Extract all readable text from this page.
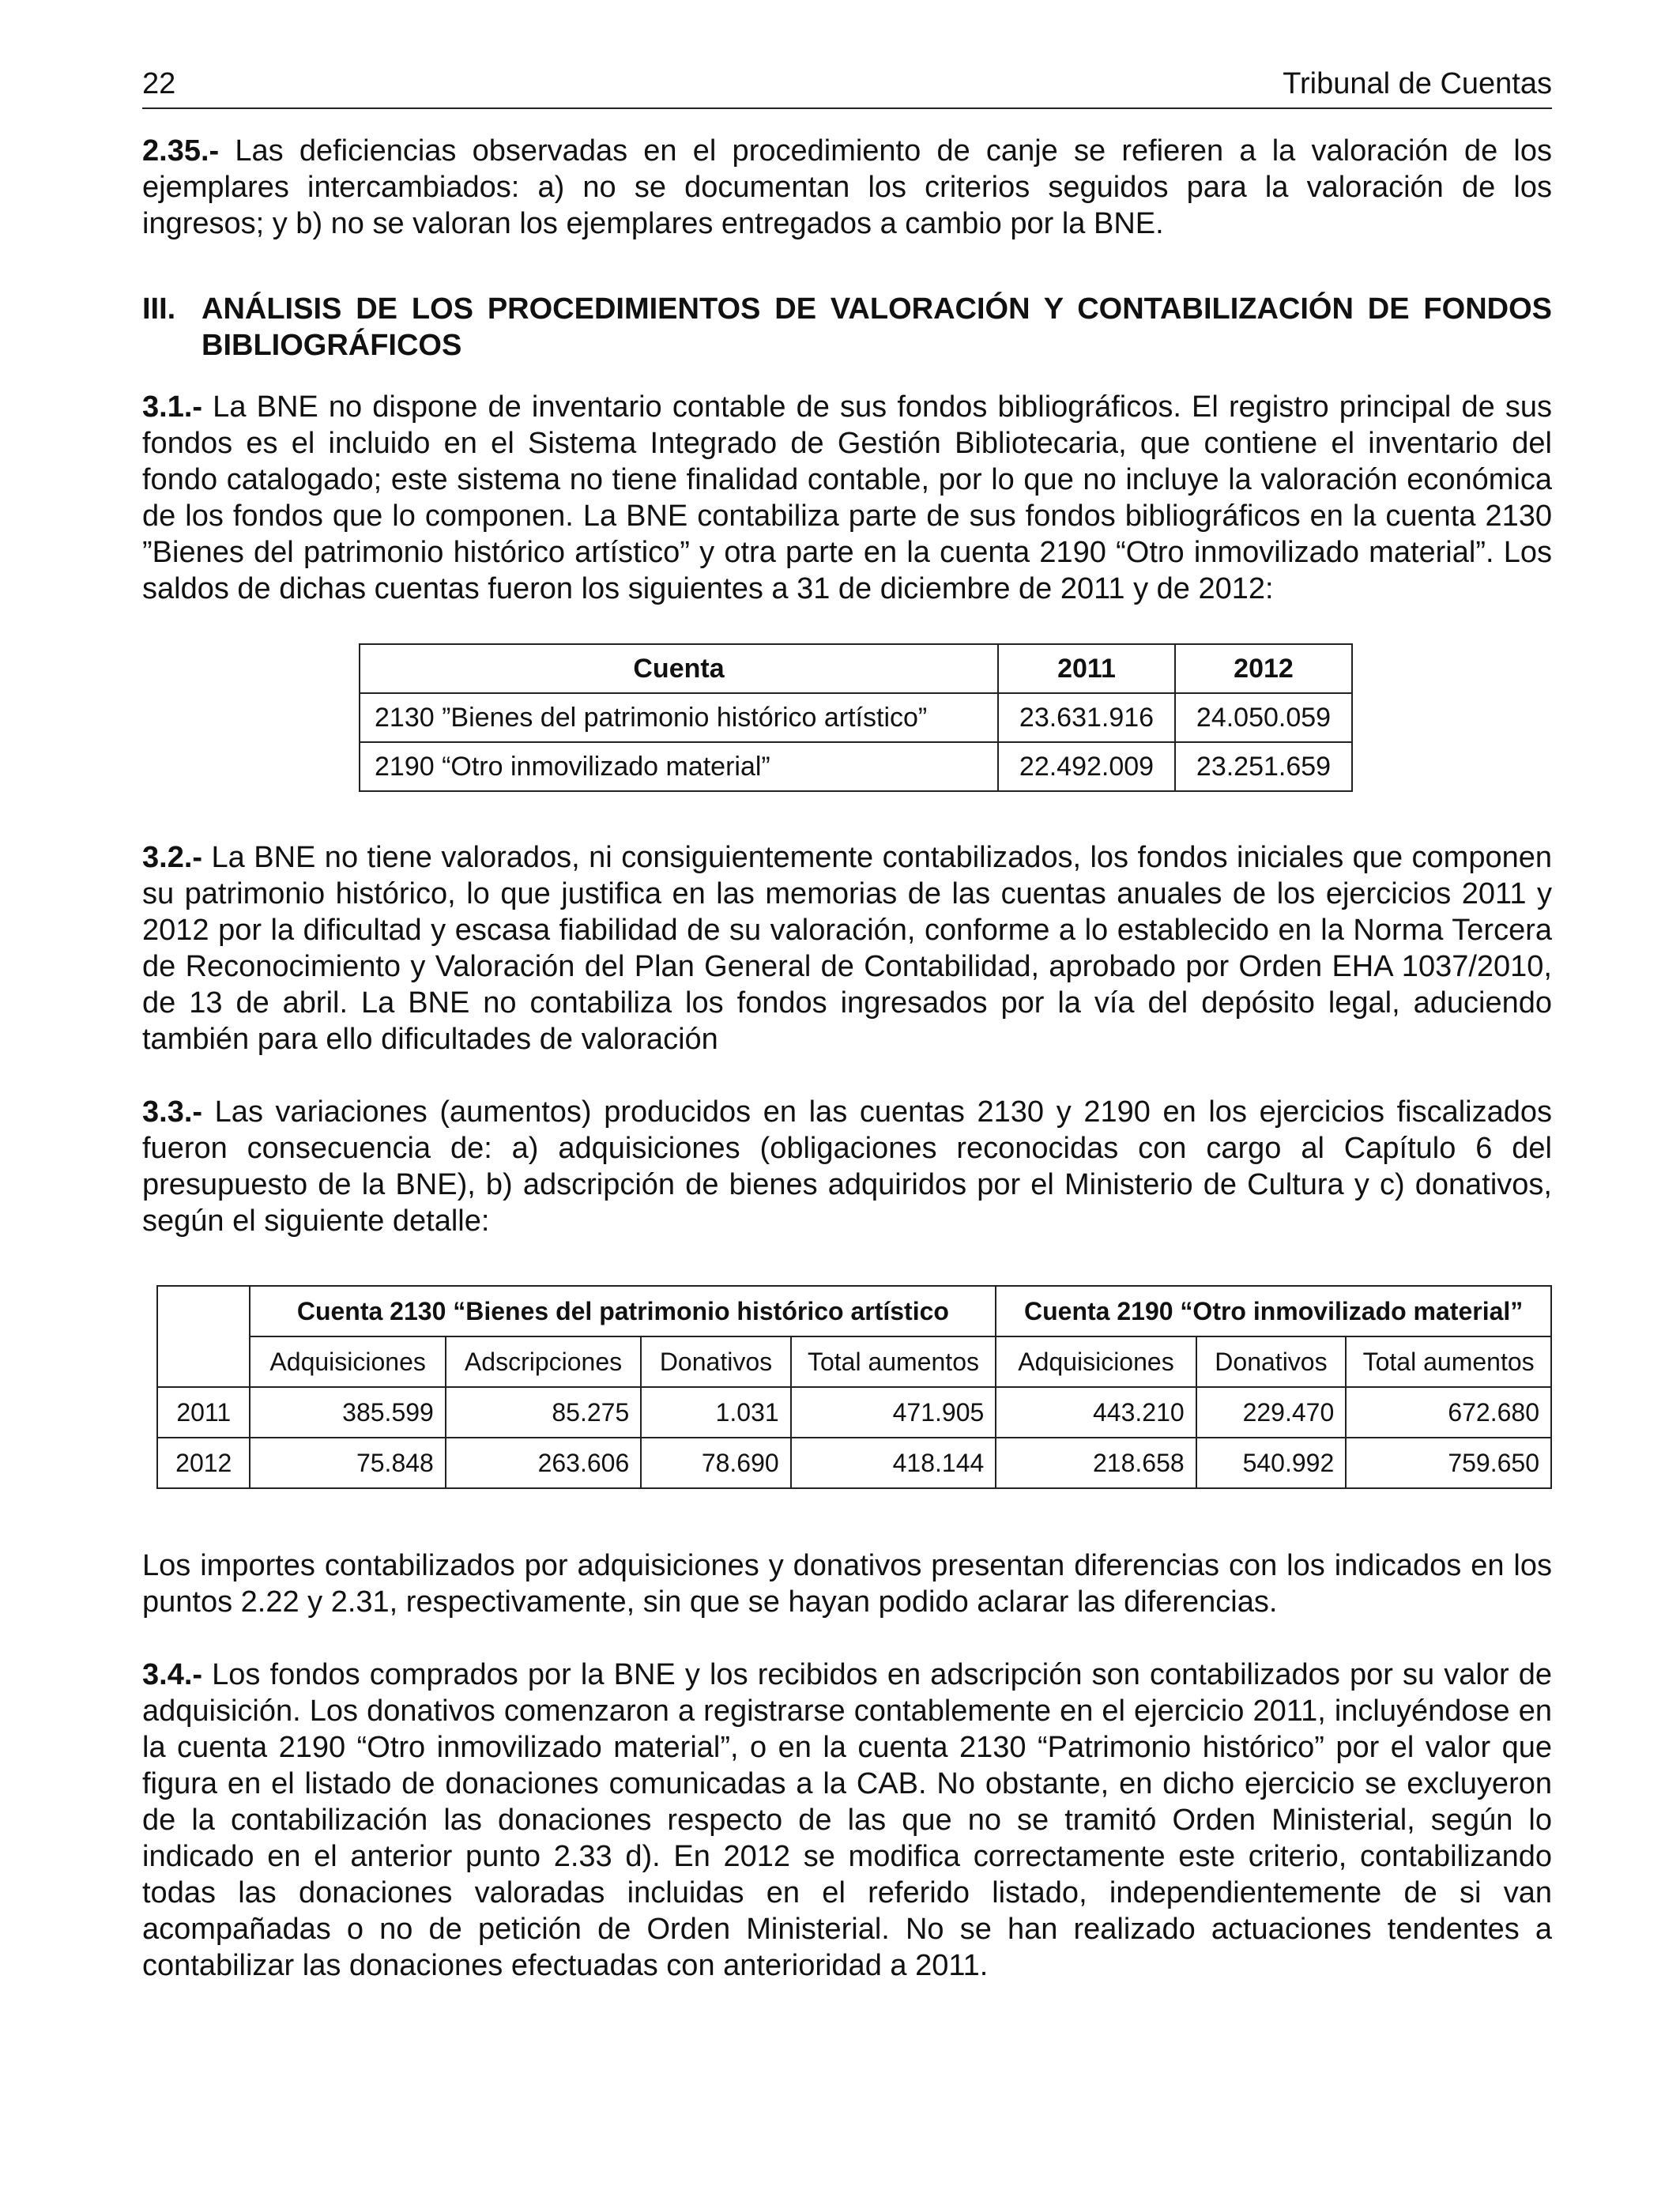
22	Tribunal de Cuentas

2.35.- Las deficiencias observadas en el procedimiento de canje se refieren a la valoración de los ejemplares intercambiados: a) no se documentan los criterios seguidos para la valoración de los ingresos; y b) no se valoran los ejemplares entregados a cambio por la BNE.

III. ANÁLISIS DE LOS PROCEDIMIENTOS DE VALORACIÓN Y CONTABILIZACIÓN DE FONDOS BIBLIOGRÁFICOS

3.1.- La BNE no dispone de inventario contable de sus fondos bibliográficos. El registro principal de sus fondos es el incluido en el Sistema Integrado de Gestión Bibliotecaria, que contiene el inventario del fondo catalogado; este sistema no tiene finalidad contable, por lo que no incluye la valoración económica de los fondos que lo componen. La BNE contabiliza parte de sus fondos bibliográficos en la cuenta 2130 ”Bienes del patrimonio histórico artístico” y otra parte en la cuenta 2190 “Otro inmovilizado material”. Los saldos de dichas cuentas fueron los siguientes a 31 de diciembre de 2011 y de 2012:

Cuenta	2011	2012
2130 ”Bienes del patrimonio histórico artístico”	23.631.916	24.050.059
2190 “Otro inmovilizado material”	22.492.009	23.251.659

3.2.- La BNE no tiene valorados, ni consiguientemente contabilizados, los fondos iniciales que componen su patrimonio histórico, lo que justifica en las memorias de las cuentas anuales de los ejercicios 2011 y 2012 por la dificultad y escasa fiabilidad de su valoración, conforme a lo establecido en la Norma Tercera de Reconocimiento y Valoración del Plan General de Contabilidad, aprobado por Orden EHA 1037/2010, de 13 de abril. La BNE no contabiliza los fondos ingresados por la vía del depósito legal, aduciendo también para ello dificultades de valoración

3.3.- Las variaciones (aumentos) producidos en las cuentas 2130 y 2190 en los ejercicios fiscalizados fueron consecuencia de: a) adquisiciones (obligaciones reconocidas con cargo al Capítulo 6 del presupuesto de la BNE), b) adscripción de bienes adquiridos por el Ministerio de Cultura y c) donativos, según el siguiente detalle:

	Cuenta 2130 “Bienes del patrimonio histórico artístico				Cuenta 2190 “Otro inmovilizado material”		
	Adquisiciones	Adscripciones	Donativos	Total aumentos	Adquisiciones	Donativos	Total aumentos
2011	385.599	85.275	1.031	471.905	443.210	229.470	672.680
2012	75.848	263.606	78.690	418.144	218.658	540.992	759.650

Los importes contabilizados por adquisiciones y donativos presentan diferencias con los indicados en los puntos 2.22 y 2.31, respectivamente, sin que se hayan podido aclarar las diferencias.

3.4.- Los fondos comprados por la BNE y los recibidos en adscripción son contabilizados por su valor de adquisición. Los donativos comenzaron a registrarse contablemente en el ejercicio 2011, incluyéndose en la cuenta 2190 “Otro inmovilizado material”, o en la cuenta 2130 “Patrimonio histórico” por el valor que figura en el listado de donaciones comunicadas a la CAB. No obstante, en dicho ejercicio se excluyeron de la contabilización las donaciones respecto de las que no se tramitó Orden Ministerial, según lo indicado en el anterior punto 2.33 d). En 2012 se modifica correctamente este criterio, contabilizando todas las donaciones valoradas incluidas en el referido listado, independientemente de si van acompañadas o no de petición de Orden Ministerial. No se han realizado actuaciones tendentes a contabilizar las donaciones efectuadas con anterioridad a 2011.
